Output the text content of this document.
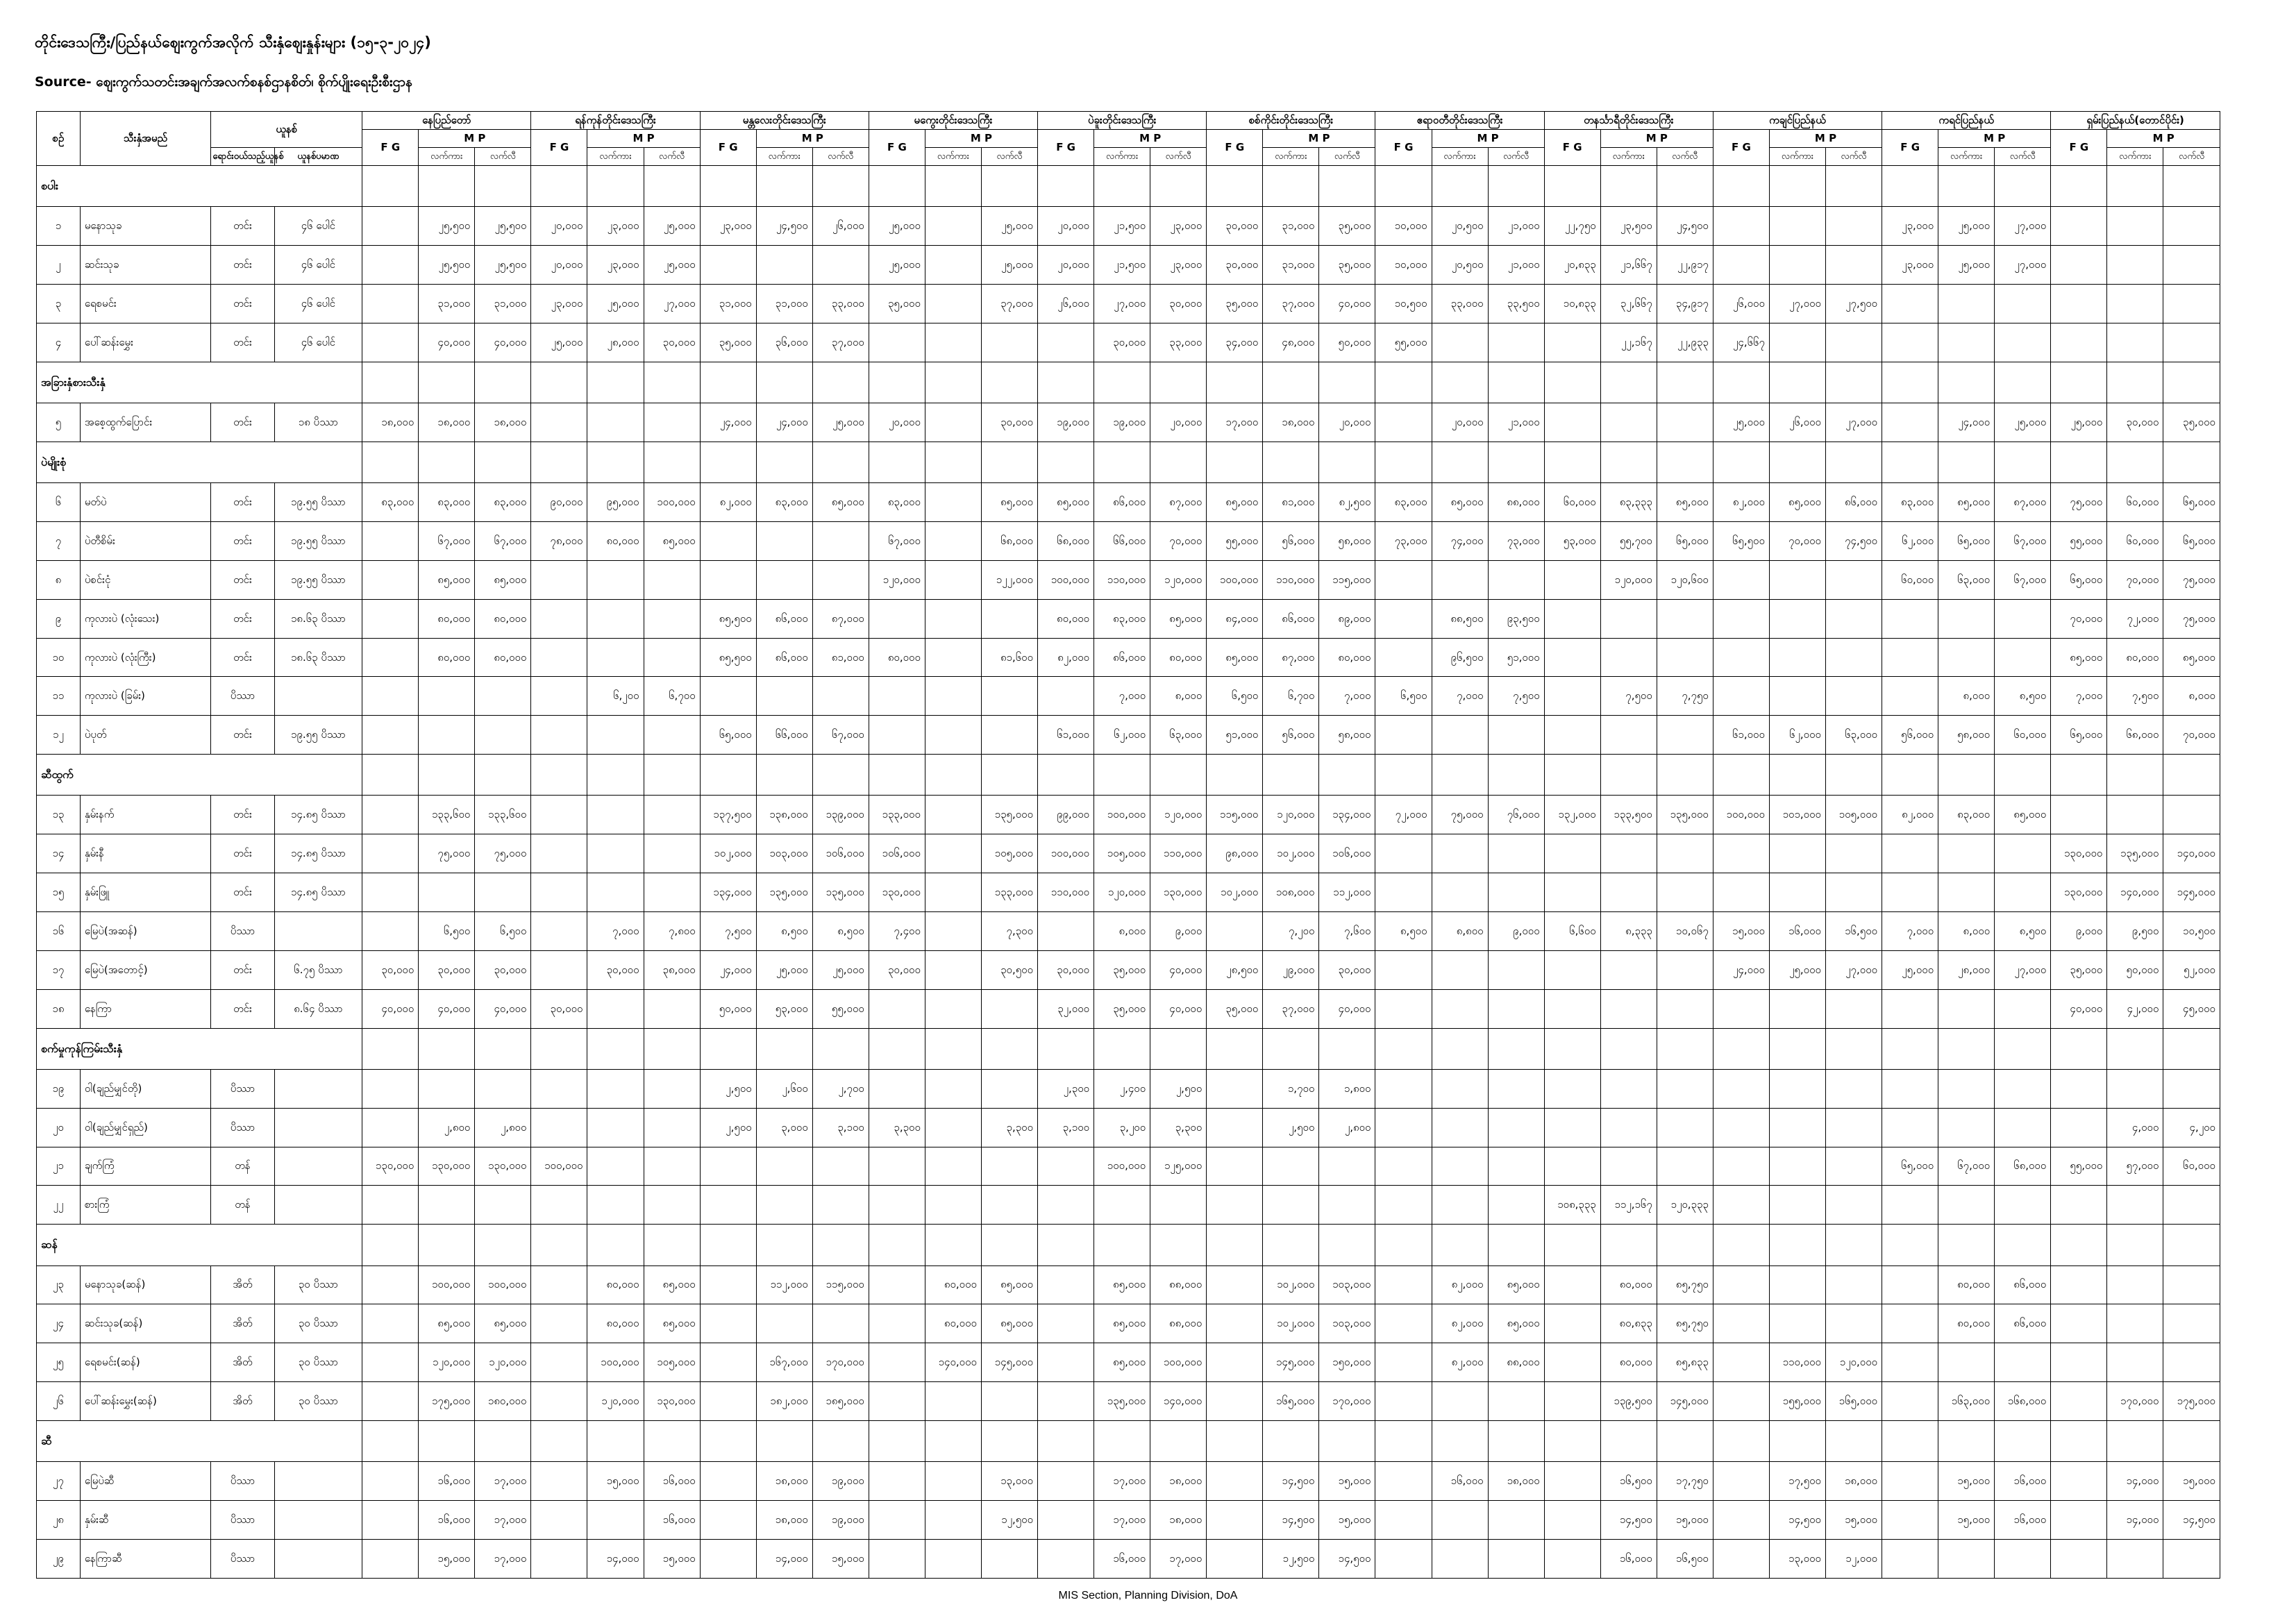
တိုင်းဒေသကြီး/ပြည်နယ်ဈေးကွက်အလိုက် သီးနှံဈေးနှုန်းများ (၁၅-၃-၂၀၂၄)
Source- ဈေးကွက်သတင်းအချက်အလက်စနစ်ဌာနစိတ်၊ စိုက်ပျိုးရေးဦးစီးဌာန
စဉ်	သီးနှံအမည်	ယူနစ်		နေပြည်တော်			ရန်ကုန်တိုင်းဒေသကြီး			မန္တလေးတိုင်းဒေသကြီး			မကွေးတိုင်းဒေသကြီး			ပဲခူးတိုင်းဒေသကြီး			စစ်ကိုင်းတိုင်းဒေသကြီး			ဧရာဝတီတိုင်းဒေသကြီး			တနင်္သာရီတိုင်းဒေသကြီး			ကချင်ပြည်နယ်			ကရင်ပြည်နယ်			ရှမ်းပြည်နယ်(တောင်ပိုင်း)		
				F G	M P		F G	M P		F G	M P		F G	M P		F G	M P		F G	M P		F G	M P		F G	M P		F G	M P		F G	M P		F G	M P	
		ရောင်းဝယ်သည့်ယူနစ်	ယူနစ်ပမာဏ		လက်ကား	လက်လီ		လက်ကား	လက်လီ		လက်ကား	လက်လီ		လက်ကား	လက်လီ		လက်ကား	လက်လီ		လက်ကား	လက်လီ		လက်ကား	လက်လီ		လက်ကား	လက်လီ		လက်ကား	လက်လီ		လက်ကား	လက်လီ		လက်ကား	လက်လီ
စပါး																																				
၁	မနောသုခ	တင်း	၄၆ ပေါင်		၂၅,၅၀၀	၂၅,၅၀၀	၂၀,၀၀၀	၂၃,၀၀၀	၂၅,၀၀၀	၂၃,၀၀၀	၂၄,၅၀၀	၂၆,၀၀၀	၂၅,၀၀၀		၂၅,၀၀၀	၂၀,၀၀၀	၂၁,၅၀၀	၂၃,၀၀၀	၃၀,၀၀၀	၃၁,၀၀၀	၃၅,၀၀၀	၁၀,၀၀၀	၂၀,၅၀၀	၂၁,၀၀၀	၂၂,၇၅၀	၂၃,၅၀၀	၂၄,၅၀၀				၂၃,၀၀၀	၂၅,၀၀၀	၂၇,၀၀၀			
၂	ဆင်းသုခ	တင်း	၄၆ ပေါင်		၂၅,၅၀၀	၂၅,၅၀၀	၂၀,၀၀၀	၂၃,၀၀၀	၂၅,၀၀၀				၂၅,၀၀၀		၂၅,၀၀၀	၂၀,၀၀၀	၂၁,၅၀၀	၂၃,၀၀၀	၃၀,၀၀၀	၃၁,၀၀၀	၃၅,၀၀၀	၁၀,၀၀၀	၂၀,၅၀၀	၂၁,၀၀၀	၂၀,၈၃၃	၂၁,၆၆၇	၂၂,၉၁၇				၂၃,၀၀၀	၂၅,၀၀၀	၂၇,၀၀၀			
၃	ရေစမင်း	တင်း	၄၆ ပေါင်		၃၁,၀၀၀	၃၁,၀၀၀	၂၃,၀၀၀	၂၅,၀၀၀	၂၇,၀၀၀	၃၁,၀၀၀	၃၁,၀၀၀	၃၃,၀၀၀	၃၅,၀၀၀		၃၇,၀၀၀	၂၆,၀၀၀	၂၇,၀၀၀	၃၀,၀၀၀	၃၅,၀၀၀	၃၇,၀၀၀	၄၀,၀၀၀	၁၀,၅၀၀	၃၃,၀၀၀	၃၃,၅၀၀	၁၀,၈၃၃	၃၂,၆၆၇	၃၄,၉၁၇	၂၆,၀၀၀	၂၇,၀၀၀	၂၇,၅၀၀						
၄	ပေါ်ဆန်းမွှေး	တင်း	၄၆ ပေါင်		၄၀,၀၀၀	၄၀,၀၀၀	၂၅,၀၀၀	၂၈,၀၀၀	၃၀,၀၀၀	၃၅,၀၀၀	၃၆,၀၀၀	၃၇,၀၀၀					၃၀,၀၀၀	၃၃,၀၀၀	၃၄,၀၀၀	၄၈,၀၀၀	၅၀,၀၀၀	၅၅,၀၀၀				၂၂,၁၆၇	၂၂,၉၃၃	၂၄,၆၆၇								
အခြားနှံစားသီးနှံ																																				
၅	အစေ့ထွက်ပြောင်း	တင်း	၁၈ ပိဿာ	၁၈,၀၀၀	၁၈,၀၀၀	၁၈,၀၀၀				၂၄,၀၀၀	၂၄,၀၀၀	၂၅,၀၀၀	၂၀,၀၀၀		၃၀,၀၀၀	၁၉,၀၀၀	၁၉,၀၀၀	၂၀,၀၀၀	၁၇,၀၀၀	၁၈,၀၀၀	၂၀,၀၀၀		၂၀,၀၀၀	၂၁,၀၀၀				၂၅,၀၀၀	၂၆,၀၀၀	၂၇,၀၀၀		၂၄,၀၀၀	၂၅,၀၀၀	၂၅,၀၀၀	၃၀,၀၀၀	၃၅,၀၀၀
ပဲမျိုးစုံ																																				
၆	မတ်ပဲ	တင်း	၁၉.၅၅ ပိဿာ	၈၃,၀၀၀	၈၃,၀၀၀	၈၃,၀၀၀	၉၀,၀၀၀	၉၅,၀၀၀	၁၀၀,၀၀၀	၈၂,၀၀၀	၈၃,၀၀၀	၈၅,၀၀၀	၈၃,၀၀၀		၈၅,၀၀၀	၈၅,၀၀၀	၈၆,၀၀၀	၈၇,၀၀၀	၈၅,၀၀၀	၈၁,၀၀၀	၈၂,၅၀၀	၈၃,၀၀၀	၈၅,၀၀၀	၈၈,၀၀၀	၆၀,၀၀၀	၈၃,၃၃၃	၈၅,၀၀၀	၈၂,၀၀၀	၈၅,၀၀၀	၈၆,၀၀၀	၈၃,၀၀၀	၈၅,၀၀၀	၈၇,၀၀၀	၇၅,၀၀၀	၆၀,၀၀၀	၆၅,၀၀၀
၇	ပဲတီစိမ်း	တင်း	၁၉.၅၅ ပိဿာ		၆၇,၀၀၀	၆၇,၀၀၀	၇၈,၀၀၀	၈၀,၀၀၀	၈၅,၀၀၀				၆၇,၀၀၀		၆၈,၀၀၀	၆၈,၀၀၀	၆၆,၀၀၀	၇၀,၀၀၀	၅၅,၀၀၀	၅၆,၀၀၀	၅၈,၀၀၀	၇၃,၀၀၀	၇၄,၀၀၀	၇၃,၀၀၀	၅၃,၀၀၀	၅၅,၇၀၀	၆၅,၀၀၀	၆၅,၅၀၀	၇၀,၀၀၀	၇၄,၅၀၀	၆၂,၀၀၀	၆၅,၀၀၀	၆၇,၀၀၀	၅၅,၀၀၀	၆၀,၀၀၀	၆၅,၀၀၀
၈	ပဲစင်းငုံ	တင်း	၁၉.၅၅ ပိဿာ		၈၅,၀၀၀	၈၅,၀၀၀							၁၂၀,၀၀၀		၁၂၂,၀၀၀	၁၀၀,၀၀၀	၁၁၀,၀၀၀	၁၂၀,၀၀၀	၁၀၀,၀၀၀	၁၁၀,၀၀၀	၁၁၅,၀၀၀					၁၂၀,၀၀၀	၁၂၀,၆၀၀				၆၀,၀၀၀	၆၃,၀၀၀	၆၇,၀၀၀	၆၅,၀၀၀	၇၀,၀၀၀	၇၅,၀၀၀
၉	ကုလားပဲ (လုံးသေး)	တင်း	၁၈.၆၃ ပိဿာ		၈၀,၀၀၀	၈၀,၀၀၀				၈၅,၅၀၀	၈၆,၀၀၀	၈၇,၀၀၀				၈၀,၀၀၀	၈၃,၀၀၀	၈၅,၀၀၀	၈၄,၀၀၀	၈၆,၀၀၀	၈၉,၀၀၀		၈၈,၅၀၀	၉၃,၅၀၀										၇၀,၀၀၀	၇၂,၀၀၀	၇၅,၀၀၀
၁၀	ကုလားပဲ (လုံးကြီး)	တင်း	၁၈.၆၃ ပိဿာ		၈၀,၀၀၀	၈၀,၀၀၀				၈၅,၅၀၀	၈၆,၀၀၀	၈၁,၀၀၀	၈၀,၀၀၀		၈၁,၆၀၀	၈၂,၀၀၀	၈၆,၀၀၀	၈၀,၀၀၀	၈၅,၀၀၀	၈၇,၀၀၀	၈၀,၀၀၀		၉၆,၅၀၀	၅၁,၀၀၀										၈၅,၀၀၀	၈၀,၀၀၀	၈၅,၀၀၀
၁၁	ကုလားပဲ (ခြမ်း)	ပိဿာ						၆,၂၀၀	၆,၇၀၀								၇,၀၀၀	၈,၀၀၀	၆,၅၀၀	၆,၇၀၀	၇,၀၀၀	၆,၅၀၀	၇,၀၀၀	၇,၅၀၀		၇,၅၀၀	၇,၇၅၀					၈,၀၀၀	၈,၅၀၀	၇,၀၀၀	၇,၅၀၀	၈,၀၀၀
၁၂	ပဲပုတ်	တင်း	၁၉.၅၅ ပိဿာ							၆၅,၀၀၀	၆၆,၀၀၀	၆၇,၀၀၀				၆၁,၀၀၀	၆၂,၀၀၀	၆၃,၀၀၀	၅၁,၀၀၀	၅၆,၀၀၀	၅၈,၀၀၀							၆၁,၀၀၀	၆၂,၀၀၀	၆၃,၀၀၀	၅၆,၀၀၀	၅၈,၀၀၀	၆၀,၀၀၀	၆၅,၀၀၀	၆၈,၀၀၀	၇၀,၀၀၀
ဆီထွက်																																				
၁၃	နှမ်းနက်	တင်း	၁၄.၈၅ ပိဿာ		၁၃၃,၆၀၀	၁၃၃,၆၀၀				၁၃၇,၅၀၀	၁၃၈,၀၀၀	၁၃၉,၀၀၀	၁၃၃,၀၀၀		၁၃၅,၀၀၀	၉၉,၀၀၀	၁၀၀,၀၀၀	၁၂၀,၀၀၀	၁၁၅,၀၀၀	၁၂၀,၀၀၀	၁၃၄,၀၀၀	၇၂,၀၀၀	၇၅,၀၀၀	၇၆,၀၀၀	၁၃၂,၀၀၀	၁၃၃,၅၀၀	၁၃၅,၀၀၀	၁၀၀,၀၀၀	၁၀၁,၀၀၀	၁၀၅,၀၀၀	၈၂,၀၀၀	၈၃,၀၀၀	၈၅,၀၀၀			
၁၄	နှမ်းနီ	တင်း	၁၄.၈၅ ပိဿာ		၇၅,၀၀၀	၇၅,၀၀၀				၁၀၂,၀၀၀	၁၀၃,၀၀၀	၁၀၆,၀၀၀	၁၀၆,၀၀၀		၁၀၅,၀၀၀	၁၀၀,၀၀၀	၁၀၅,၀၀၀	၁၁၀,၀၀၀	၉၈,၀၀၀	၁၀၂,၀၀၀	၁၀၆,၀၀၀													၁၃၀,၀၀၀	၁၃၅,၀၀၀	၁၄၀,၀၀၀
၁၅	နှမ်းဖြူ	တင်း	၁၄.၈၅ ပိဿာ							၁၃၄,၀၀၀	၁၃၅,၀၀၀	၁၃၅,၀၀၀	၁၃၀,၀၀၀		၁၃၃,၀၀၀	၁၁၀,၀၀၀	၁၂၀,၀၀၀	၁၃၀,၀၀၀	၁၀၂,၀၀၀	၁၀၈,၀၀၀	၁၁၂,၀၀၀													၁၃၀,၀၀၀	၁၄၀,၀၀၀	၁၄၅,၀၀၀
၁၆	မြေပဲ(အဆန်)	ပိဿာ			၆,၅၀၀	၆,၅၀၀		၇,၀၀၀	၇,၈၀၀	၇,၅၀၀	၈,၅၀၀	၈,၅၀၀	၇,၄၀၀		၇,၃၀၀		၈,၀၀၀	၉,၀၀၀		၇,၂၀၀	၇,၆၀၀	၈,၅၀၀	၈,၈၀၀	၉,၀၀၀	၆,၆၀၀	၈,၃၃၃	၁၀,၀၆၇	၁၅,၀၀၀	၁၆,၀၀၀	၁၆,၅၀၀	၇,၀၀၀	၈,၀၀၀	၈,၅၀၀	၉,၀၀၀	၉,၅၀၀	၁၀,၅၀၀
၁၇	မြေပဲ(အတောင့်)	တင်း	၆.၇၅ ပိဿာ	၃၀,၀၀၀	၃၀,၀၀၀	၃၀,၀၀၀		၃၀,၀၀၀	၃၈,၀၀၀	၂၄,၀၀၀	၂၅,၀၀၀	၂၅,၀၀၀	၃၀,၀၀၀		၃၀,၅၀၀	၃၀,၀၀၀	၃၅,၀၀၀	၄၀,၀၀၀	၂၈,၅၀၀	၂၉,၀၀၀	၃၀,၀၀၀							၂၄,၀၀၀	၂၅,၀၀၀	၂၇,၀၀၀	၂၅,၀၀၀	၂၈,၀၀၀	၂၇,၀၀၀	၃၅,၀၀၀	၅၀,၀၀၀	၅၂,၀၀၀
၁၈	နေကြာ	တင်း	၈.၆၄ ပိဿာ	၄၀,၀၀၀	၄၀,၀၀၀	၄၀,၀၀၀	၃၀,၀၀၀			၅၀,၀၀၀	၅၃,၀၀၀	၅၅,၀၀၀				၃၂,၀၀၀	၃၅,၀၀၀	၄၀,၀၀၀	၃၅,၀၀၀	၃၇,၀၀၀	၄၀,၀၀၀													၄၀,၀၀၀	၄၂,၀၀၀	၄၅,၀၀၀
စက်မှုကုန်ကြမ်းသီးနှံ																																				
၁၉	ဝါ(ချည်မျှင်တို)	ပိဿာ								၂,၅၀၀	၂,၆၀၀	၂,၇၀၀				၂,၃၀၀	၂,၄၀၀	၂,၅၀၀		၁,၇၀၀	၁,၈၀၀															
၂၀	ဝါ(ချည်မျှင်ရှည်)	ပိဿာ			၂,၈၀၀	၂,၈၀၀				၂,၅၀၀	၃,၀၀၀	၃,၁၀၀	၃,၃၀၀		၃,၃၀၀	၃,၁၀၀	၃,၂၀၀	၃,၃၀၀		၂,၅၀၀	၂,၈၀၀														၄,၀၀၀	၄,၂၀၀
၂၁	ချက်ကြံ	တန်		၁၃၀,၀၀၀	၁၃၀,၀၀၀	၁၃၀,၀၀၀	၁၀၀,၀၀၀										၁၀၀,၀၀၀	၁၂၅,၀၀၀													၆၅,၀၀၀	၆၇,၀၀၀	၆၈,၀၀၀	၅၅,၀၀၀	၅၇,၀၀၀	၆၀,၀၀၀
၂၂	စားကြံ	တန်																							၁၀၈,၃၃၃	၁၁၂,၁၆၇	၁၂၀,၃၃၃									
ဆန်																																				
၂၃	မနောသုခ(ဆန်)	အိတ်	၃၀ ပိဿာ		၁၀၀,၀၀၀	၁၀၀,၀၀၀		၈၀,၀၀၀	၈၅,၀၀၀		၁၁၂,၀၀၀	၁၁၅,၀၀၀		၈၀,၀၀၀	၈၅,၀၀၀		၈၅,၀၀၀	၈၈,၀၀၀		၁၀၂,၀၀၀	၁၀၃,၀၀၀		၈၂,၀၀၀	၈၅,၀၀၀		၈၀,၀၀၀	၈၅,၇၅၀					၈၀,၀၀၀	၈၆,၀၀၀			
၂၄	ဆင်းသုခ(ဆန်)	အိတ်	၃၀ ပိဿာ		၈၅,၀၀၀	၈၅,၀၀၀		၈၀,၀၀၀	၈၅,၀၀၀					၈၀,၀၀၀	၈၅,၀၀၀		၈၅,၀၀၀	၈၈,၀၀၀		၁၀၂,၀၀၀	၁၀၃,၀၀၀		၈၂,၀၀၀	၈၅,၀၀၀		၈၀,၈၃၃	၈၅,၇၅၀					၈၀,၀၀၀	၈၆,၀၀၀			
၂၅	ရေစမင်း(ဆန်)	အိတ်	၃၀ ပိဿာ		၁၂၀,၀၀၀	၁၂၀,၀၀၀		၁၀၀,၀၀၀	၁၀၅,၀၀၀		၁၆၇,၀၀၀	၁၇၀,၀၀၀		၁၄၀,၀၀၀	၁၄၅,၀၀၀		၈၅,၀၀၀	၁၀၀,၀၀၀		၁၄၅,၀၀၀	၁၅၀,၀၀၀		၈၂,၀၀၀	၈၈,၀၀၀		၈၀,၀၀၀	၈၅,၈၃၃		၁၁၀,၀၀၀	၁၂၀,၀၀၀						
၂၆	ပေါ်ဆန်းမွှေး(ဆန်)	အိတ်	၃၀ ပိဿာ		၁၇၅,၀၀၀	၁၈၀,၀၀၀		၁၂၀,၀၀၀	၁၃၀,၀၀၀		၁၈၂,၀၀၀	၁၈၅,၀၀၀					၁၃၅,၀၀၀	၁၄၀,၀၀၀		၁၆၅,၀၀၀	၁၇၀,၀၀၀					၁၃၉,၅၀၀	၁၄၅,၀၀၀		၁၅၅,၀၀၀	၁၆၅,၀၀၀		၁၆၃,၀၀၀	၁၆၈,၀၀၀		၁၇၀,၀၀၀	၁၇၅,၀၀၀
ဆီ																																				
၂၇	မြေပဲဆီ	ပိဿာ			၁၆,၀၀၀	၁၇,၀၀၀		၁၅,၀၀၀	၁၆,၀၀၀		၁၈,၀၀၀	၁၉,၀၀၀			၁၃,၀၀၀		၁၇,၀၀၀	၁၈,၀၀၀		၁၄,၅၀၀	၁၅,၀၀၀		၁၆,၀၀၀	၁၈,၀၀၀		၁၆,၅၀၀	၁၇,၇၅၀		၁၇,၅၀၀	၁၈,၀၀၀		၁၅,၀၀၀	၁၆,၀၀၀		၁၄,၀၀၀	၁၅,၀၀၀
၂၈	နှမ်းဆီ	ပိဿာ			၁၆,၀၀၀	၁၇,၀၀၀			၁၆,၀၀၀		၁၈,၀၀၀	၁၉,၀၀၀			၁၂,၅၀၀		၁၇,၀၀၀	၁၈,၀၀၀		၁၄,၅၀၀	၁၅,၀၀၀					၁၄,၅၀၀	၁၅,၀၀၀		၁၄,၅၀၀	၁၅,၀၀၀		၁၅,၀၀၀	၁၆,၀၀၀		၁၄,၀၀၀	၁၄,၅၀၀
၂၉	နေကြာဆီ	ပိဿာ			၁၅,၀၀၀	၁၇,၀၀၀		၁၄,၀၀၀	၁၅,၀၀၀		၁၄,၀၀၀	၁၅,၀၀၀					၁၆,၀၀၀	၁၇,၀၀၀		၁၂,၅၀၀	၁၄,၅၀၀					၁၆,၀၀၀	၁၆,၅၀၀		၁၃,၀၀၀	၁၂,၀၀၀						
MIS Section, Planning Division, DoA
